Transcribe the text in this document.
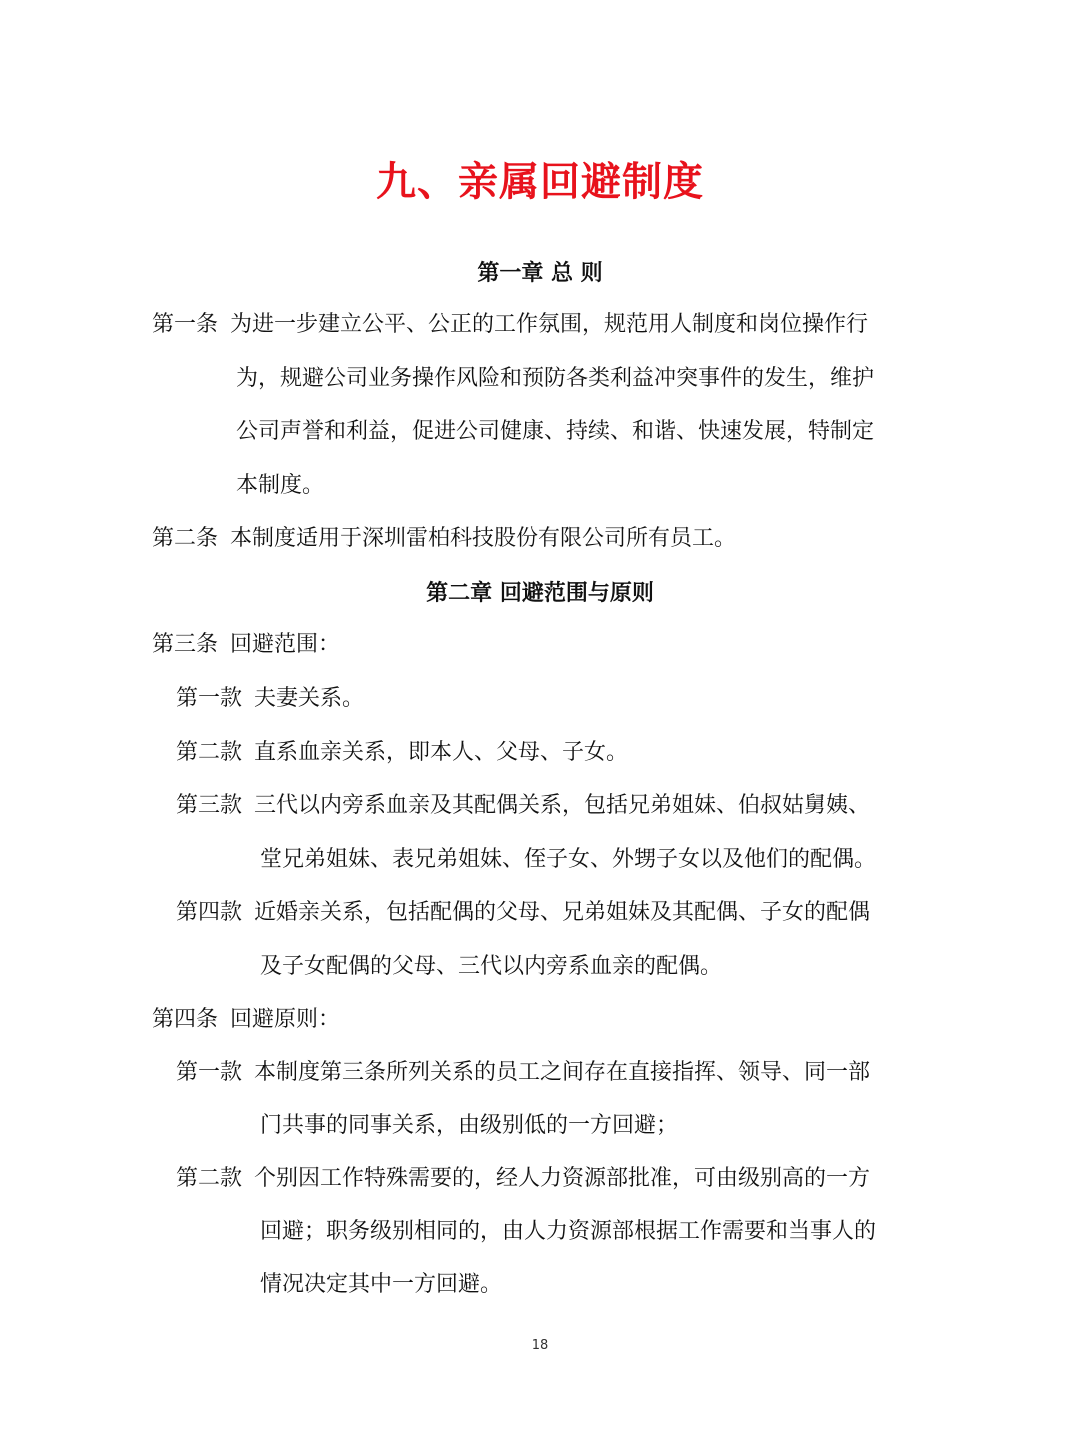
九、亲属回避制度
第一章 总 则
第一条 为进一步建立公平、公正的工作氛围，规范用人制度和岗位操作行
为，规避公司业务操作风险和预防各类利益冲突事件的发生，维护
公司声誉和利益，促进公司健康、持续、和谐、快速发展，特制定
本制度。
第二条 本制度适用于深圳雷柏科技股份有限公司所有员工。
第二章 回避范围与原则
第三条 回避范围：
第一款 夫妻关系。
第二款 直系血亲关系，即本人、父母、子女。
第三款 三代以内旁系血亲及其配偶关系，包括兄弟姐妹、伯叔姑舅姨、
堂兄弟姐妹、表兄弟姐妹、侄子女、外甥子女以及他们的配偶。
第四款 近婚亲关系，包括配偶的父母、兄弟姐妹及其配偶、子女的配偶
及子女配偶的父母、三代以内旁系血亲的配偶。
第四条 回避原则：
第一款 本制度第三条所列关系的员工之间存在直接指挥、领导、同一部
门共事的同事关系，由级别低的一方回避；
第二款 个别因工作特殊需要的，经人力资源部批准，可由级别高的一方
回避；职务级别相同的，由人力资源部根据工作需要和当事人的
情况决定其中一方回避。
18
